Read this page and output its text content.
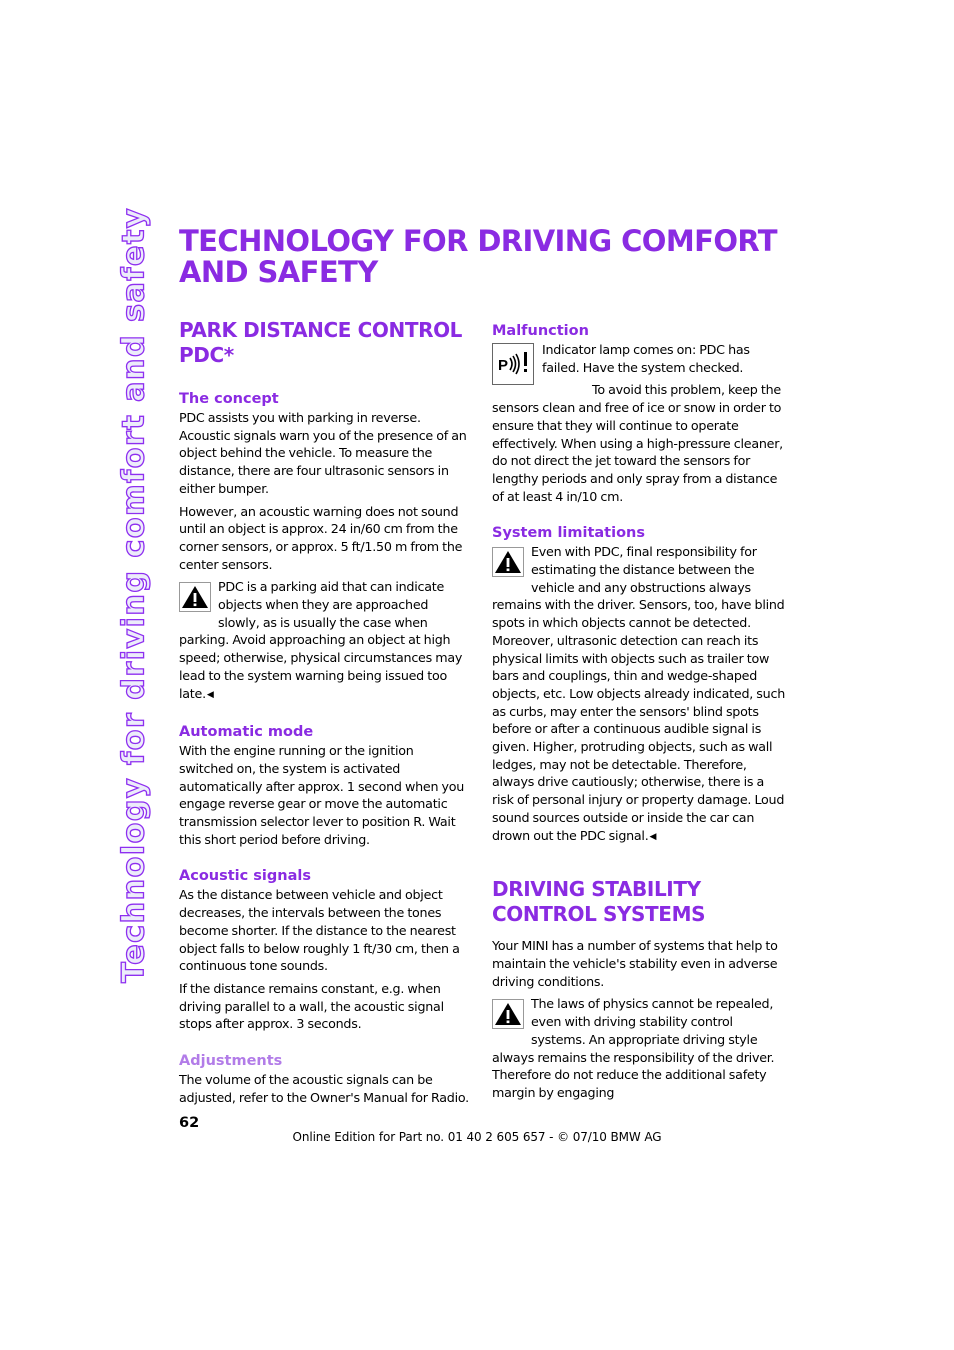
Technology for driving comfort and safety TECHNOLOGY FOR DRIVING COMFORT AND SAFETY
PARK DISTANCE CONTROL PDC*
The concept

PDC assists you with parking in reverse. Acoustic signals warn you of the presence of an object behind the vehicle. To measure the distance, there are four ultrasonic sensors in either bumper.

However, an acoustic warning does not sound until an object is approx. 24 in/60 cm from the corner sensors, or approx. 5 ft/1.50 m from the center sensors.

PDC is a parking aid that can indicate objects when they are approached slowly, as is usually the case when parking. Avoid approaching an object at high speed; otherwise, physical circumstances may lead to the system warning being issued too late.◀

Automatic mode

With the engine running or the ignition switched on, the system is activated automatically after approx. 1 second when you engage reverse gear or move the automatic transmission selector lever to position R. Wait this short period before driving.

Acoustic signals

As the distance between vehicle and object decreases, the intervals between the tones become shorter. If the distance to the nearest object falls to below roughly 1 ft/30 cm, then a continuous tone sounds.

If the distance remains constant, e.g. when driving parallel to a wall, the acoustic signal stops after approx. 3 seconds.

Adjustments

The volume of the acoustic signals can be adjusted, refer to the Owner's Manual for Radio.

Malfunction
P

Indicator lamp comes on: PDC has failed. Have the system checked.

To avoid this problem, keep the sensors clean and free of ice or snow in order to ensure that they will continue to operate effectively. When using a high-pressure cleaner, do not direct the jet toward the sensors for lengthy periods and only spray from a distance of at least 4 in/10 cm.

System limitations

Even with PDC, final responsibility for estimating the distance between the vehicle and any obstructions always remains with the driver. Sensors, too, have blind spots in which objects cannot be detected. Moreover, ultrasonic detection can reach its physical limits with objects such as trailer tow bars and couplings, thin and wedge-shaped objects, etc. Low objects already indicated, such as curbs, may enter the sensors' blind spots before or after a continuous audible signal is given. Higher, protruding objects, such as wall ledges, may not be detectable. Therefore, always drive cautiously; otherwise, there is a risk of personal injury or property damage. Loud sound sources outside or inside the car can drown out the PDC signal.◀

DRIVING STABILITY CONTROL SYSTEMS

Your MINI has a number of systems that help to maintain the vehicle's stability even in adverse driving conditions.

The laws of physics cannot be repealed, even with driving stability control systems. An appropriate driving style always remains the responsibility of the driver. Therefore do not reduce the additional safety margin by engaging

62
Online Edition for Part no. 01 40 2 605 657 - © 07/10 BMW AG
